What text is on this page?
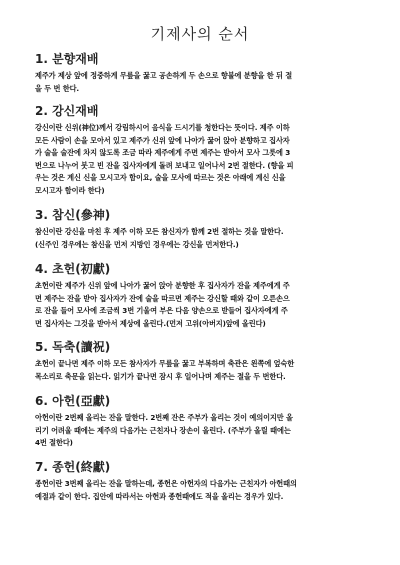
기제사의 순서
1. 분향재배

제주가 제상 앞에 정중하게 무릎을 꿇고 공손하게 두 손으로 향불에 분향을 한 뒤 절
을 두 번 한다.

2. 강신재배

강신이란 신위(神位)께서 강림하시어 음식을 드시기를 청한다는 뜻이다. 제주 이하
모든 사람이 손을 모아서 있고 제주가 신위 앞에 나아가 꿇어 앉아 분향하고 집사자
가 술을 술잔에 차지 않도록 조금 따라 제주에게 주면 제주는 받아서 모사 그릇에 3
번으로 나누어 붓고 빈 잔을 집사자에게 돌려 보내고 일어나서 2번 절한다. (향을 피
우는 것은 계신 신을 모시고자 함이요, 술을 모사에 따르는 것은 아래에 계신 신을
모시고자 함이라 한다)

3. 참신(參神)

참신이란 강신을 마친 후 제주 이하 모든 참신자가 함께 2번 절하는 것을 말한다.
(신주인 경우에는 참신을 먼저 지방인 경우에는 강신을 먼저한다.)

4. 초헌(初獻)

초헌이란 제주가 신위 앞에 나아가 꿇어 앉아 분향한 후 집사자가 잔을 제주에게 주
면 제주는 잔을 받아 집사자가 잔에 술을 따르면 제주는 강신할 때와 같이 오른손으
로 잔을 들어 모사에 조금씩 3번 기울여 부은 다음 양손으로 받들어 집사자에게 주
면 집사자는 그것을 받아서 제상에 올린다.(먼저 고위(아버지)앞에 올린다)

5. 독축(讀祝)

초헌이 끝나면 제주 이하 모든 참사자가 무릎을 꿇고 부복하며 축관은 왼쪽에 엎숙한
목소리로 축문을 읽는다. 읽기가 끝나면 잠시 후 일어나며 제주는 절을 두 번한다.

6. 아헌(亞獻)

아헌이란 2번째 올리는 잔을 말한다. 2번째 잔은 주부가 올리는 것이 예의이지만 올
리기 어려울 때에는 제주의 다음가는 근친자나 장손이 올린다. (주부가 올릴 때에는
4번 절한다)

7. 종헌(終獻)

종헌이란 3번째 올리는 잔을 말하는데, 종헌은 아헌자의 다음가는 근친자가 아헌때의
예절과 같이 한다. 집안에 따라서는 아헌과 종헌때에도 적을 올리는 경우가 있다.
